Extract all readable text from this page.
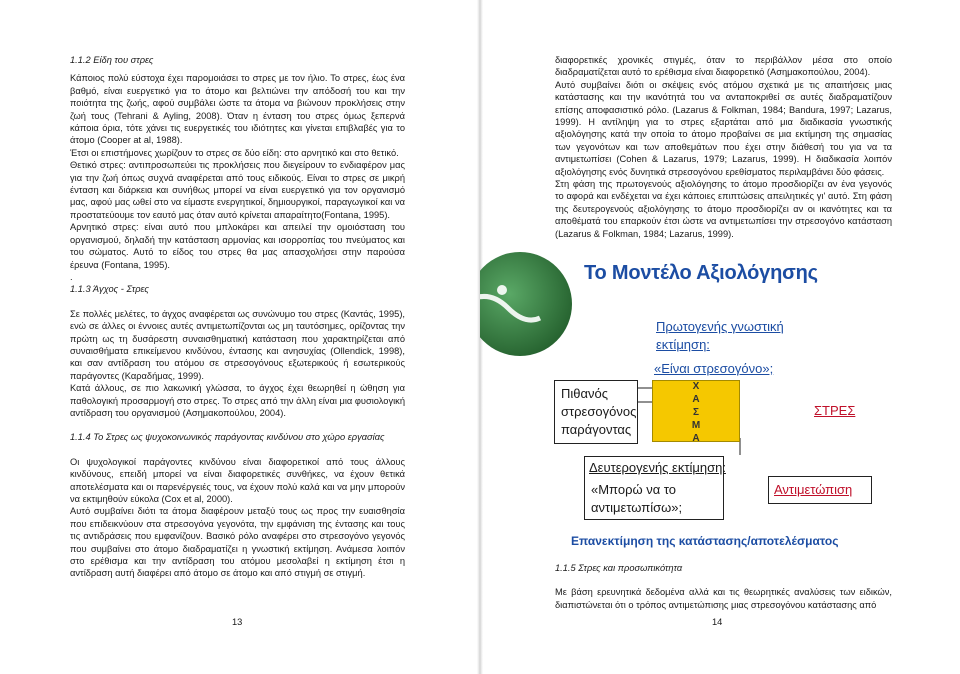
1.1.2 Είδη του στρες

Κάποιος πολύ εύστοχα έχει παρομοιάσει το στρες με τον ήλιο. Το στρες, έως ένα βαθμό, είναι ευεργετικό για το άτομο και βελτιώνει την απόδοσή του και την ποιότητα της ζωής, αφού συμβάλει ώστε τα άτομα να βιώνουν προκλήσεις στην ζωή τους (Tehrani & Ayling, 2008). Όταν η ένταση του στρες όμως ξεπερνά κάποια όρια, τότε χάνει τις ευεργετικές του ιδιότητες και γίνεται επιβλαβές για το άτομο (Cooper at al, 1988).

Έτσι οι επιστήμονες χωρίζουν το στρες σε δύο είδη: στο αρνητικό και στο θετικό.

Θετικό στρες: αντιπροσωπεύει τις προκλήσεις που διεγείρουν το ενδιαφέρον μας για την ζωή όπως συχνά αναφέρεται από τους ειδικούς. Είναι το στρες σε μικρή ένταση και διάρκεια και συνήθως μπορεί να είναι ευεργετικό για τον οργανισμό μας, αφού μας ωθεί στο να είμαστε ενεργητικοί, δημιουργικοί, παραγωγικοί και να προστατεύουμε τον εαυτό μας όταν αυτό κρίνεται απαραίτητο(Fontana, 1995).

Αρνητικό στρες: είναι αυτό που μπλοκάρει και απειλεί την ομοιόσταση του οργανισμού, δηλαδή την κατάσταση αρμονίας και ισορροπίας του πνεύματος και του σώματος. Αυτό το είδος του στρες θα μας απασχολήσει στην παρούσα έρευνα (Fontana, 1995).

.

1.1.3 Άγχος - Στρες

Σε πολλές μελέτες, το άγχος αναφέρεται ως συνώνυμο του στρες (Καντάς, 1995), ενώ σε άλλες οι έννοιες αυτές αντιμετωπίζονται ως μη ταυτόσημες, ορίζοντας την πρώτη ως τη δυσάρεστη συναισθηματική κατάσταση που χαρακτηρίζεται από συναισθήματα επικείμενου κινδύνου, έντασης και ανησυχίας (Ollendick, 1998), και σαν αντίδραση του ατόμου σε στρεσογόνους εξωτερικούς ή εσωτερικούς παράγοντες (Καραδήμας, 1999).

Κατά άλλους, σε πιο λακωνική γλώσσα, το άγχος έχει θεωρηθεί η ώθηση για παθολογική προσαρμογή στο στρες. Το στρες από την άλλη είναι μια φυσιολογική αντίδραση του οργανισμού (Ασημακοπούλου, 2004).

1.1.4 Το Στρες ως ψυχοκοινωνικός παράγοντας κινδύνου στο χώρο εργασίας

Οι ψυχολογικοί παράγοντες κινδύνου είναι διαφορετικοί από τους άλλους κινδύνους, επειδή μπορεί να είναι διαφορετικές συνθήκες, να έχουν θετικά αποτελέσματα και οι παρενέργειές τους, να έχουν πολύ καλά και να μην μπορούν να εκτιμηθούν εύκολα (Cox et al, 2000).

Αυτό συμβαίνει διότι τα άτομα διαφέρουν μεταξύ τους ως προς την ευαισθησία που επιδεικνύουν στα στρεσογόνα γεγονότα, την εμφάνιση της έντασης και τους τις αντιδράσεις που εμφανίζουν. Βασικό ρόλο αναφέρει στο στρεσογόνο γεγονός που συμβαίνει στο άτομο διαδραματίζει η γνωστική εκτίμηση. Ανάμεσα λοιπόν στο ερέθισμα και την αντίδραση του ατόμου μεσολαβεί η εκτίμηση έτσι η αντίδραση αυτή διαφέρει από άτομο σε άτομο και από στιγμή σε στιγμή.

13

διαφορετικές χρονικές στιγμές, όταν το περιβάλλον μέσα στο οποίο διαδραματίζεται αυτό το ερέθισμα είναι διαφορετικό (Ασημακοπούλου, 2004).

Αυτό συμβαίνει διότι οι σκέψεις ενός ατόμου σχετικά με τις απαιτήσεις μιας κατάστασης και την ικανότητά του να ανταποκριθεί σε αυτές διαδραματίζουν επίσης αποφασιστικό ρόλο. (Lazarus & Folkman, 1984; Bandura, 1997; Lazarus, 1999). Η αντίληψη για το στρες εξαρτάται από μια διαδικασία γνωστικής αξιολόγησης κατά την οποία το άτομο προβαίνει σε μια εκτίμηση της σημασίας των γεγονότων και των αποθεμάτων που έχει στην διάθεσή του για να τα αντιμετωπίσει (Cohen & Lazarus, 1979; Lazarus, 1999). Η διαδικασία λοιπόν αξιολόγησης ενός δυνητικά στρεσογόνου ερεθίσματος περιλαμβάνει δύο φάσεις.

Στη φάση της πρωτογενούς αξιολόγησης το άτομο προσδιορίζει αν ένα γεγονός το αφορά και ενδέχεται να έχει κάποιες επιπτώσεις απειλητικές γι' αυτό. Στη φάση της δευτερογενούς αξιολόγησης το άτομο προσδιορίζει αν οι ικανότητες και τα αποθέματά του επαρκούν έτσι ώστε να αντιμετωπίσει την στρεσογόνο κατάσταση (Lazarus & Folkman, 1984; Lazarus, 1999).

Το Μοντέλο Αξιολόγησης
Πρωτογενής γνωστική
εκτίμηση:
«Είναι στρεσογόνο»;
Πιθανός
στρεσογόνος
παράγοντας
Χ
Α
Σ
Μ
Α
ΣΤΡΕΣ
Δευτερογενής εκτίμηση:
«Μπορώ να το
αντιμετωπίσω»;
Αντιμετώπιση
Επανεκτίμηση της κατάστασης/αποτελέσματος

1.1.5 Στρες και προσωπικότητα

Με βάση ερευνητικά δεδομένα αλλά και τις θεωρητικές αναλύσεις των ειδικών, διαπιστώνεται ότι ο τρόπος αντιμετώπισης μιας στρεσογόνου κατάστασης από

14
